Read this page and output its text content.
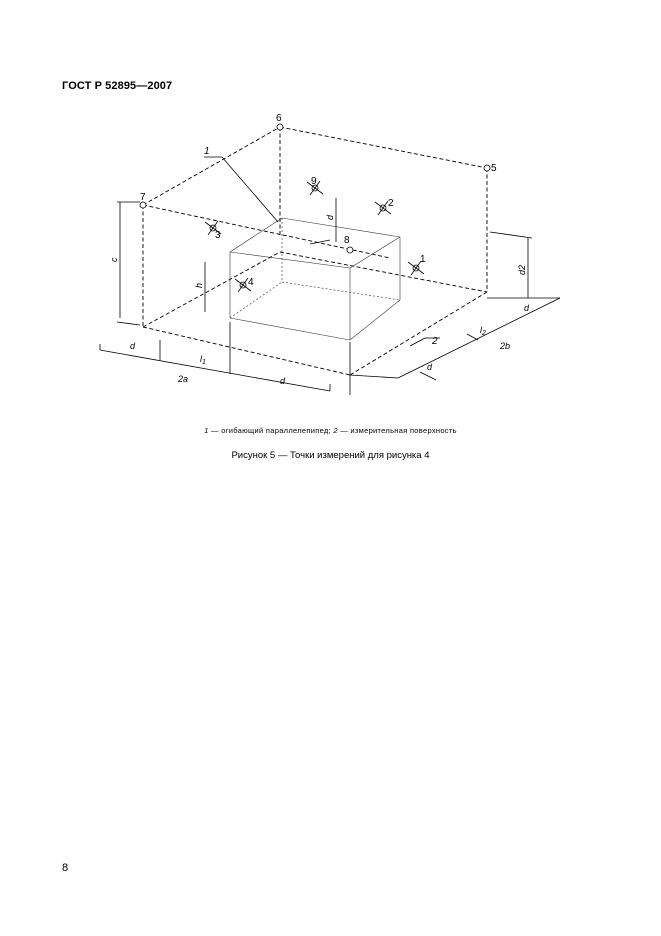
ГОСТ Р 52895—2007
1
2
3
4
5
6
7
8
9
1
2
d
$l_1$
2a	d
d
$l_2$
2b
d
h
c
d2
d
1 — огибающий параллелепипед; 2 — измерительная поверхность
Рисунок 5 — Точки измерений для рисунка 4
8
